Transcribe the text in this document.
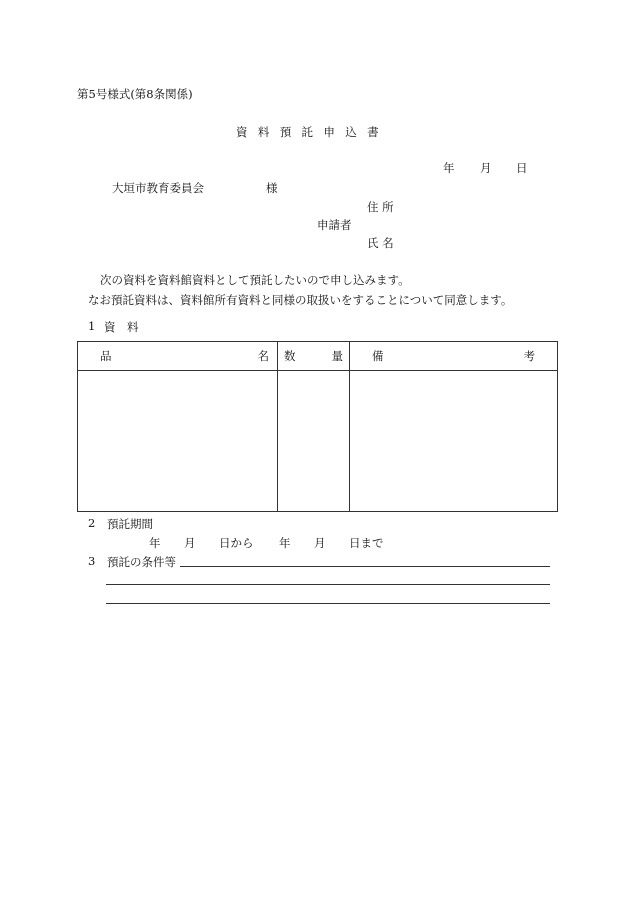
第5号様式(第8条関係)
資料預託申込書
年 月 日
大垣市教育委員会	様
住 所
申請者
氏 名
次の資料を資料館資料として預託したいので申し込みます。
なお預託資料は、資料館所有資料と同様の取扱いをすることについて同意します。
1 資　料
品 名	数 量	備 考

2 預託期間
年 月 日から 年 月 日まで
3 預託の条件等
